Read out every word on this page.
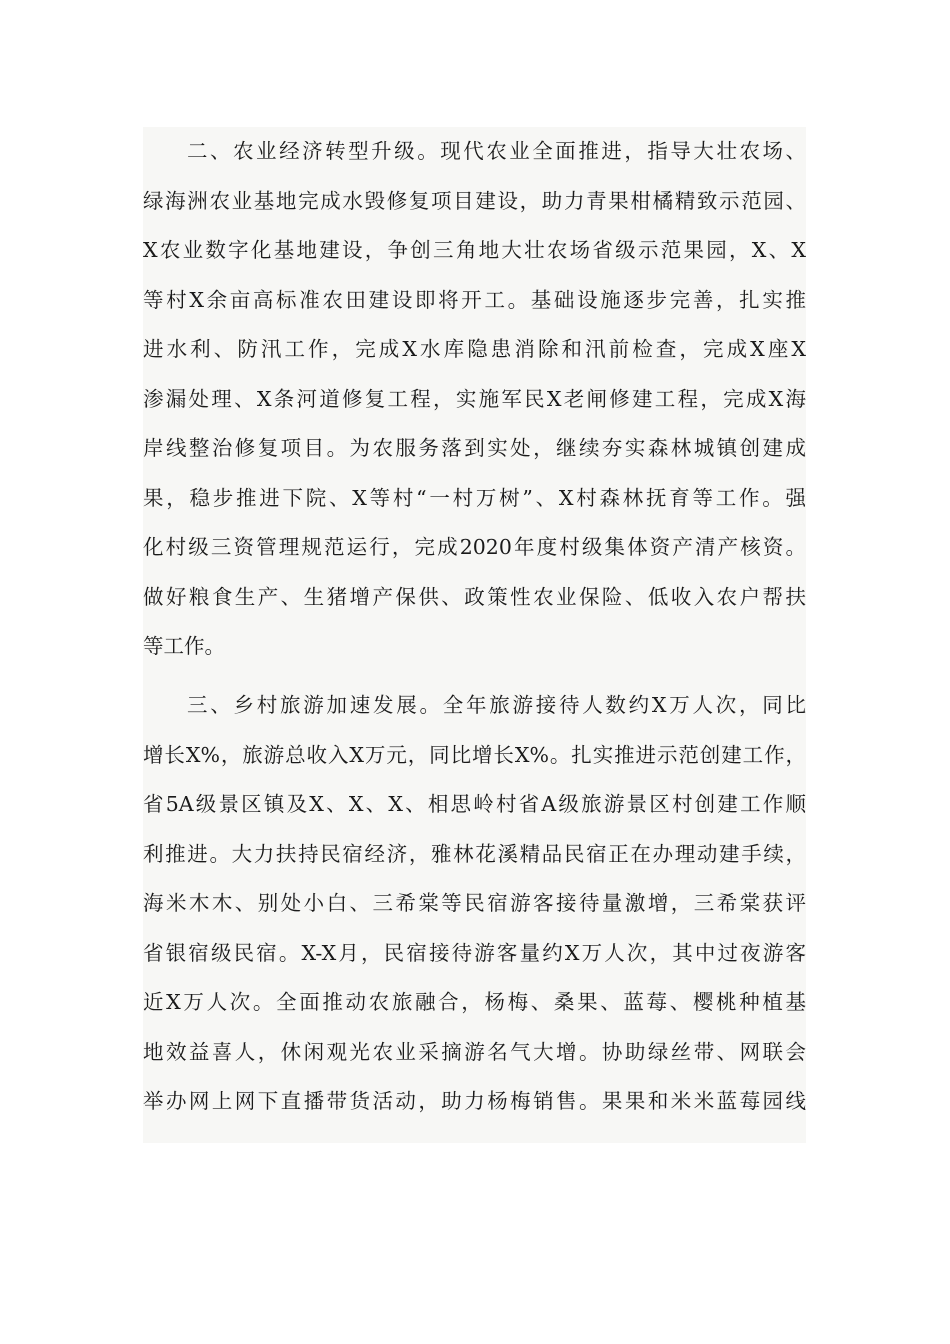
二、农业经济转型升级。现代农业全面推进，指导大壮农场、
绿海洲农业基地完成水毁修复项目建设，助力青果柑橘精致示范园、
X农业数字化基地建设，争创三角地大壮农场省级示范果园，X、X
等村X余亩高标准农田建设即将开工。基础设施逐步完善，扎实推
进水利、防汛工作，完成X水库隐患消除和汛前检查，完成X座X
渗漏处理、X条河道修复工程，实施军民X老闸修建工程，完成X海
岸线整治修复项目。为农服务落到实处，继续夯实森林城镇创建成
果，稳步推进下院、X等村“一村万树”、X村森林抚育等工作。强
化村级三资管理规范运行，完成2020年度村级集体资产清产核资。
做好粮食生产、生猪增产保供、政策性农业保险、低收入农户帮扶
等工作。
三、乡村旅游加速发展。全年旅游接待人数约X万人次，同比
增长X%，旅游总收入X万元，同比增长X%。扎实推进示范创建工作，
省5A级景区镇及X、X、X、相思岭村省A级旅游景区村创建工作顺
利推进。大力扶持民宿经济，雅林花溪精品民宿正在办理动建手续，
海米木木、别处小白、三希棠等民宿游客接待量激增，三希棠获评
省银宿级民宿。X-X月，民宿接待游客量约X万人次，其中过夜游客
近X万人次。全面推动农旅融合，杨梅、桑果、蓝莓、樱桃种植基
地效益喜人，休闲观光农业采摘游名气大增。协助绿丝带、网联会
举办网上网下直播带货活动，助力杨梅销售。果果和米米蓝莓园线
